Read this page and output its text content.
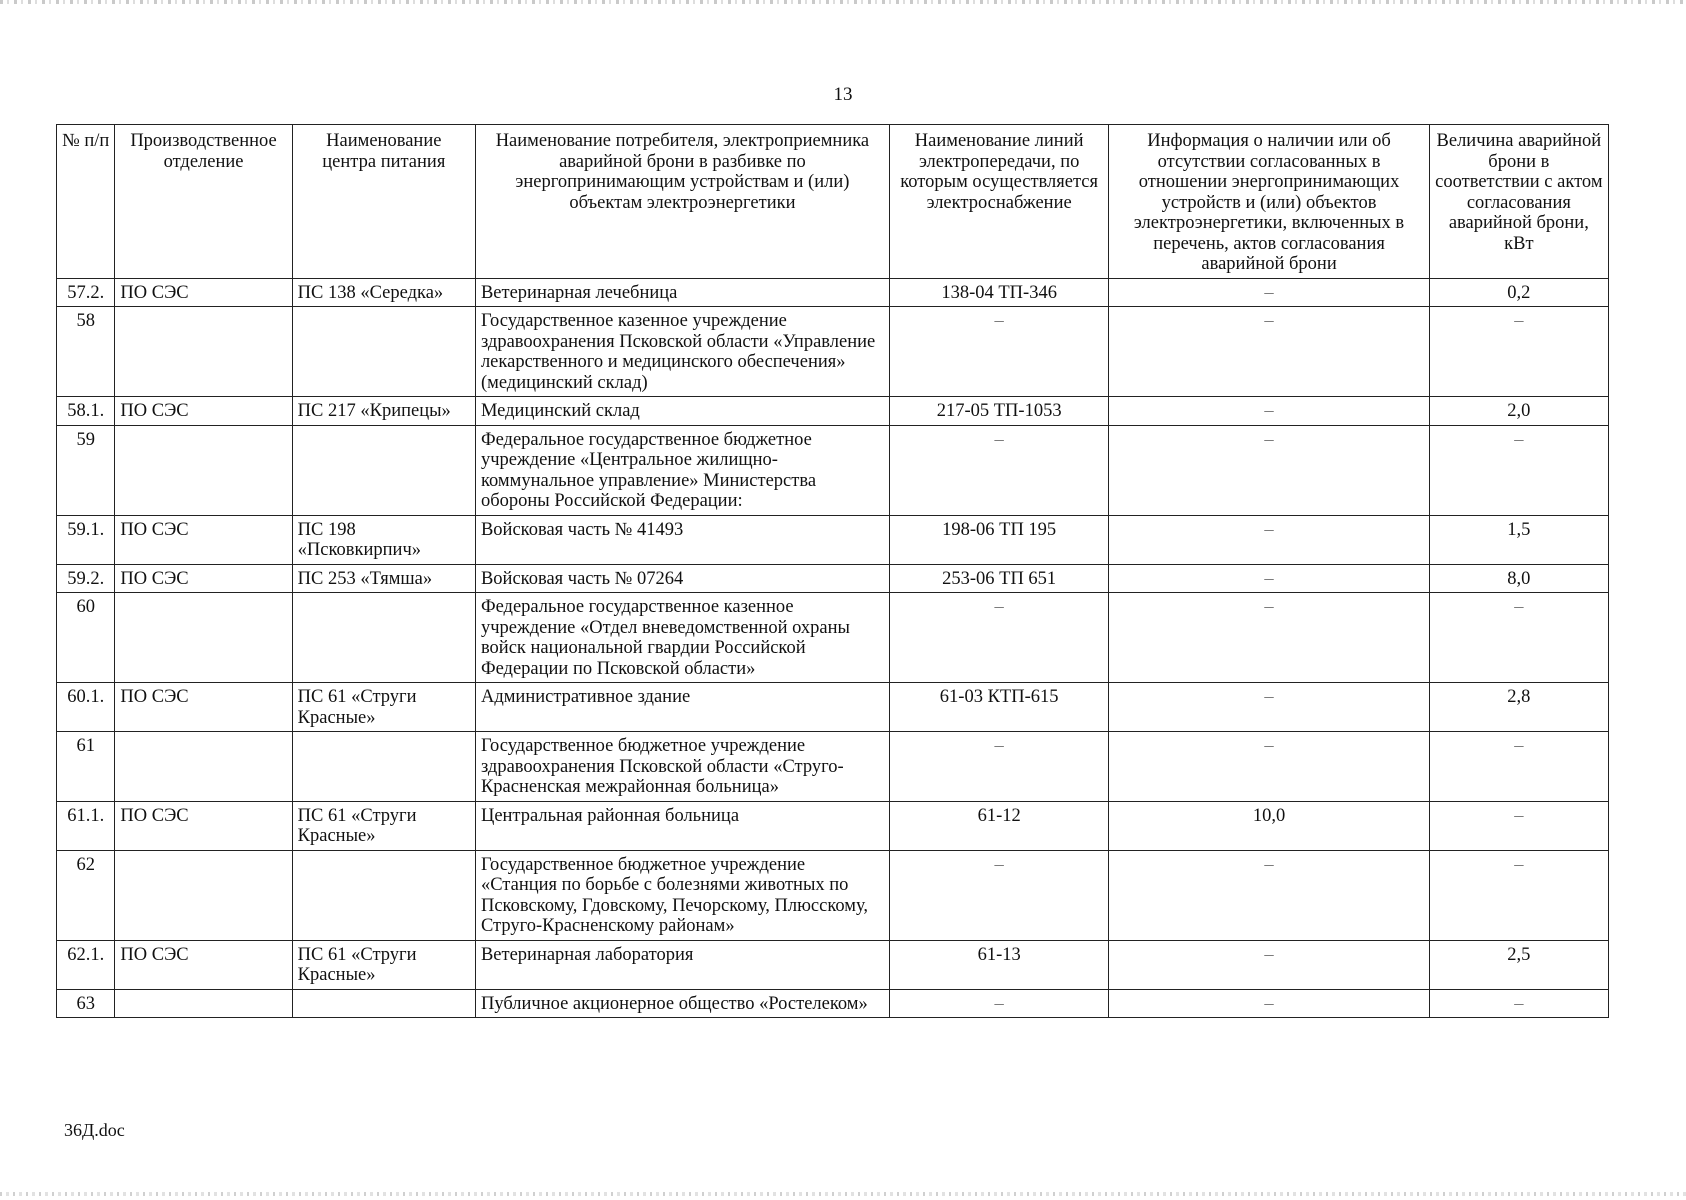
13
№ п/п	Производственное отделение	Наименование центра питания	Наименование потребителя, электроприемника аварийной брони в разбивке по энергопринимающим устройствам и (или) объектам электроэнергетики	Наименование линий электропередачи, по которым осуществляется электроснабжение	Информация о наличии или об отсутствии согласованных в отношении энергопринимающих устройств и (или) объектов электроэнергетики, включенных в перечень, актов согласования аварийной брони	Величина аварийной брони в соответствии с актом согласования аварийной брони, кВт
57.2.	ПО СЭС	ПС 138 «Середка»	Ветеринарная лечебница	138-04 ТП-346	–	0,2
58			Государственное казенное учреждение здравоохранения Псковской области «Управление лекарственного и медицинского обеспечения» (медицинский склад)	–	–	–
58.1.	ПО СЭС	ПС 217 «Крипецы»	Медицинский склад	217-05 ТП-1053	–	2,0
59			Федеральное государственное бюджетное учреждение «Центральное жилищно-коммунальное управление» Министерства обороны Российской Федерации:	–	–	–
59.1.	ПО СЭС	ПС 198 «Псковкирпич»	Войсковая часть № 41493	198-06 ТП 195	–	1,5
59.2.	ПО СЭС	ПС 253 «Тямша»	Войсковая часть № 07264	253-06 ТП 651	–	8,0
60			Федеральное государственное казенное учреждение «Отдел вневедомственной охраны войск национальной гвардии Российской Федерации по Псковской области»	–	–	–
60.1.	ПО СЭС	ПС 61 «Струги Красные»	Административное здание	61-03 КТП-615	–	2,8
61			Государственное бюджетное учреждение здравоохранения Псковской области «Струго-Красненская межрайонная больница»	–	–	–
61.1.	ПО СЭС	ПС 61 «Струги Красные»	Центральная районная больница	61-12	10,0	–
62			Государственное бюджетное учреждение «Станция по борьбе с болезнями животных по Псковскому, Гдовскому, Печорскому, Плюсскому, Струго-Красненскому районам»	–	–	–
62.1.	ПО СЭС	ПС 61 «Струги Красные»	Ветеринарная лаборатория	61-13	–	2,5
63			Публичное акционерное общество «Ростелеком»	–	–	–
36Д.doc
